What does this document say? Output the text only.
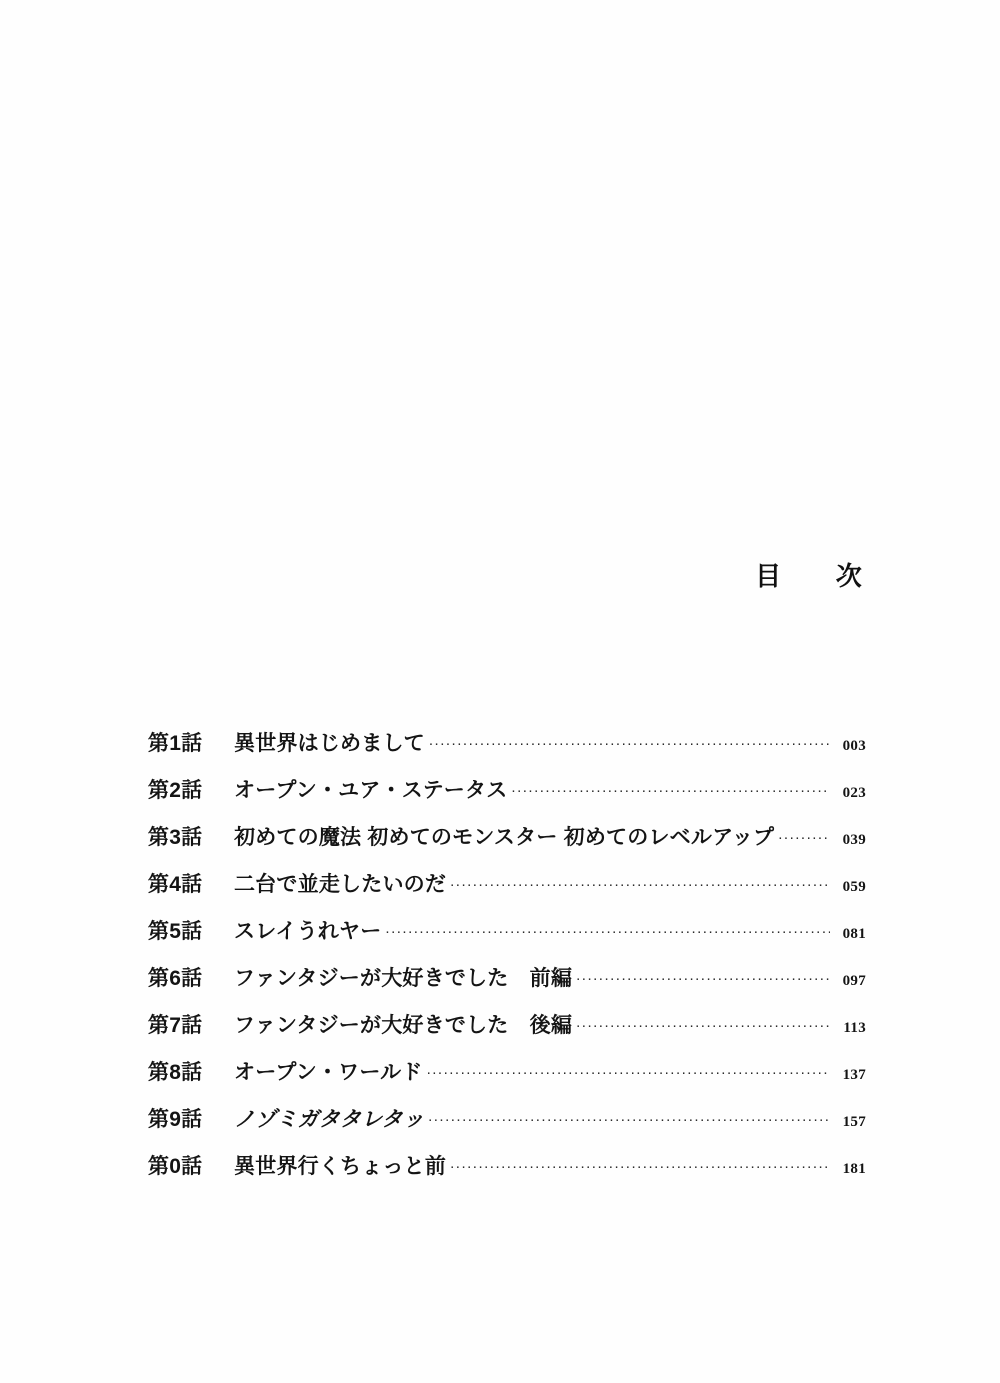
目　次
第1話	異世界はじめまして .....	003
第2話	オープン・ユア・ステータス .....	023
第3話	初めての魔法 初めてのモンスター 初めてのレベルアップ .....	039
第4話	二台で並走したいのだ .....	059
第5話	スレイうれヤー .....	081
第6話	ファンタジーが大好きでした　前編 .....	097
第7話	ファンタジーが大好きでした　後編 .....	113
第8話	オープン・ワールド .....	137
第9話	ノゾミガタタレタッ .....	157
第0話	異世界行くちょっと前 .....	181
